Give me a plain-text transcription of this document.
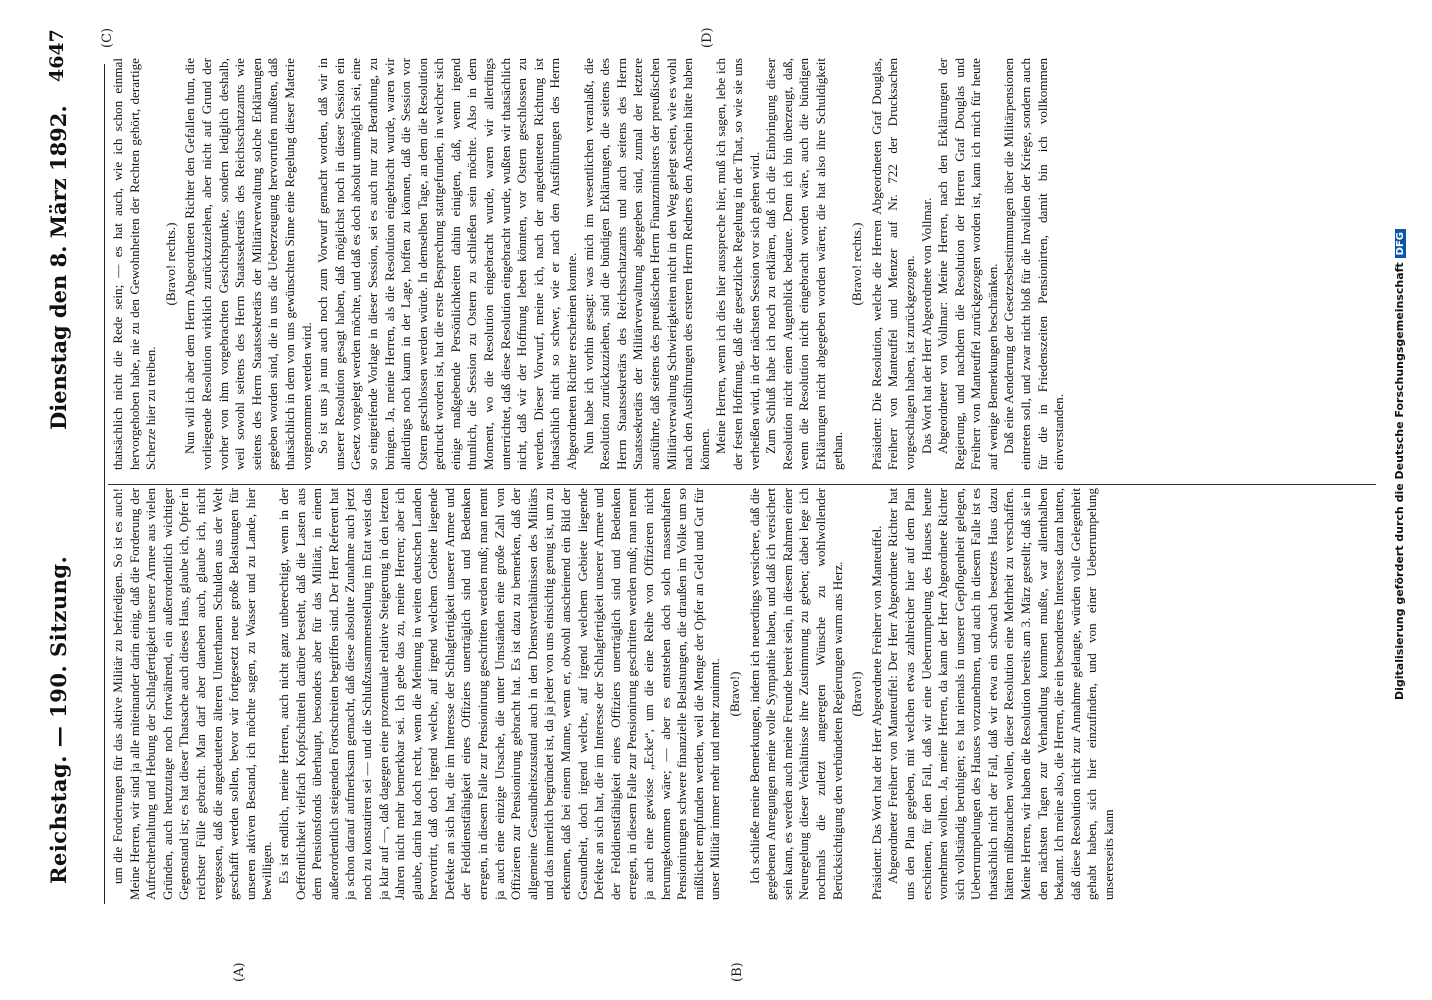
Reichstag. — 190. Sitzung.
Dienstag den 8. März 1892.
4647
(A)	(B)
(C)	(D)

um die Forderungen für das aktive Militär zu befriedigen. So ist es auch! Meine Herren, wir sind ja alle miteinander darin einig, daß die Forderung der Aufrechterhaltung und Hebung der Schlagfertigkeit unserer Armee aus vielen Gründen, auch heutzutage noch fortwährend, ein außerordentlich wichtiger Gegenstand ist; es hat dieser Thatsache auch dieses Haus, glaube ich, Opfer in reichster Fülle gebracht. Man darf aber daneben auch, glaube ich, nicht vergessen, daß die angedeuteten älteren Unterthanen Schulden aus der Welt geschafft werden sollen, bevor wir fortgesetzt neue große Belastungen für unseren aktiven Bestand, ich möchte sagen, zu Wasser und zu Lande, hier bewilligen. Es ist endlich, meine Herren, auch nicht ganz unberechtigt, wenn in der Oeffentlichkeit vielfach Kopfschütteln darüber besteht, daß die Lasten aus dem Pensionsfonds überhaupt, besonders aber für das Militär, in einem außerordentlich steigenden Fortschreiten begriffen sind. Der Herr Referent hat ja schon darauf aufmerksam gemacht, daß diese absolute Zunahme auch jetzt noch zu konstatiren sei — und die Schlußzusammenstellung im Etat weist das ja klar auf —, daß dagegen eine prozentuale relative Steigerung in den letzten Jahren nicht mehr bemerkbar sei. Ich gebe das zu, meine Herren; aber ich glaube, darin hat doch recht, wenn die Meinung in weiten deutschen Landen hervortritt, daß doch irgend welche, auf irgend welchem Gebiete liegende Defekte an sich hat, die im Interesse der Schlagfertigkeit unserer Armee und der Felddienstfähigkeit eines Offiziers unerträglich sind und Bedenken erregen, in diesem Falle zur Pensionirung geschritten werden muß; man nennt ja auch eine einzige Ursache, die unter Umständen eine große Zahl von Offizieren zur Pensionirung gebracht hat. Es ist dazu zu bemerken, daß der allgemeine Gesundheitszustand auch in den Dienstverhältnissen des Militärs und das innerlich begründet ist, da ja jeder von uns einsichtig genug ist, um zu erkennen, daß bei einem Manne, wenn er, obwohl anscheinend ein Bild der Gesundheit, doch irgend welche, auf irgend welchem Gebiete liegende Defekte an sich hat, die im Interesse der Schlagfertigkeit unserer Armee und der Felddienstfähigkeit eines Offiziers unerträglich sind und Bedenken erregen, in diesem Falle zur Pensionirung geschritten werden muß; man nennt ja auch eine gewisse „Ecke“, um die eine Reihe von Offizieren nicht herumgekommen wäre; — aber es entstehen doch solch massenhaften Pensionirungen schwere finanzielle Belastungen, die draußen im Volke um so mißlicher empfunden werden, weil die Menge der Opfer an Geld und Gut für unser Militär immer mehr und mehr zunimmt. (Bravo!) Ich schließe meine Bemerkungen, indem ich neuerdings versichere, daß die gegebenen Anregungen meine volle Sympathie haben, und daß ich versichert sein kann, es werden auch meine Freunde bereit sein, in diesem Rahmen einer Neuregelung dieser Verhältnisse ihre Zustimmung zu geben; dabei lege ich nochmals die zuletzt angeregten Wünsche zu wohlwollender Berücksichtigung den verbündeten Regierungen warm ans Herz. (Bravo!) Präsident: Das Wort hat der Herr Abgeordnete Freiherr von Manteuffel. Abgeordneter Freiherr von Manteuffel: Der Herr Abgeordnete Richter hat uns den Plan gegeben, mit welchen etwas zahlreicher hier auf dem Plan erschienen, für den Fall, daß wir eine Ueberrumpelung des Hauses heute vornehmen wollten. Ja, meine Herren, da kann der Herr Abgeordnete Richter sich vollständig beruhigen; es hat niemals in unserer Gepflogenheit gelegen, Ueberrumpelungen des Hauses vorzunehmen, und auch in diesem Falle ist es thatsächlich nicht der Fall, daß wir etwa ein schwach besetztes Haus dazu hätten mißbrauchen wollen, dieser Resolution eine Mehrheit zu verschaffen. Meine Herren, wir haben die Resolution bereits am 3. März gestellt; daß sie in den nächsten Tagen zur Verhandlung kommen mußte, war allenthalben bekannt. Ich meine also, die Herren, die ein besonderes Interesse daran hatten, daß diese Resolution nicht zur Annahme gelangte, würden volle Gelegenheit gehabt haben, sich hier einzufinden, und von einer Ueberrumpelung unsererseits kann

thatsächlich nicht die Rede sein; — es hat auch, wie ich schon einmal hervorgehoben habe, nie zu den Gewohnheiten der Rechten gehört, derartige Scherze hier zu treiben.

(Bravo! rechts.) Nun will ich aber dem Herrn Abgeordneten Richter den Gefallen thun, die vorliegende Resolution wirklich zurückzuziehen, aber nicht auf Grund der vorher von ihm vorgebrachten Gesichtspunkte, sondern lediglich deshalb, weil sowohl seitens des Herrn Staatssekretärs des Reichsschatzamts wie seitens des Herrn Staatssekretärs der Militärverwaltung solche Erklärungen gegeben worden sind, die in uns die Ueberzeugung hervorrufen mußten, daß thatsächlich in dem von uns gewünschten Sinne eine Regelung dieser Materie vorgenommen werden wird. So ist uns ja nun auch noch zum Vorwurf gemacht worden, daß wir in unserer Resolution gesagt haben, daß möglichst noch in dieser Session ein Gesetz vorgelegt werden möchte, und daß es doch absolut unmöglich sei, eine so eingreifende Vorlage in dieser Session, sei es auch nur zur Berathung, zu bringen. Ja, meine Herren, als die Resolution eingebracht wurde, waren wir allerdings noch kaum in der Lage, hoffen zu können, daß die Session vor Ostern geschlossen werden würde. In demselben Tage, an dem die Resolution gedruckt worden ist, hat die erste Besprechung stattgefunden, in welcher sich einige maßgebende Persönlichkeiten dahin einigten, daß, wenn irgend thunlich, die Session zu Ostern zu schließen sein möchte. Also in dem Moment, wo die Resolution eingebracht wurde, waren wir allerdings unterrichtet, daß diese Resolution eingebracht wurde, wußten wir thatsächlich nicht, daß wir der Hoffnung leben könnten, vor Ostern geschlossen zu werden. Dieser Vorwurf, meine ich, nach der angedeuteten Richtung ist thatsächlich nicht so schwer, wie er nach den Ausführungen des Herrn Abgeordneten Richter erscheinen konnte. Nun habe ich vorhin gesagt: was mich im wesentlichen veranlaßt, die Resolution zurückzuziehen, sind die bündigen Erklärungen, die seitens des Herrn Staatssekretärs des Reichsschatzamts und auch seitens des Herrn Staatssekretärs der Militärverwaltung abgegeben sind, zumal der letztere ausführte, daß seitens des preußischen Herrn Finanzministers der preußischen Militärverwaltung Schwierigkeiten nicht in den Weg gelegt seien, wie es wohl nach den Ausführungen des ersteren Herrn Redners den Anschein hätte haben können. Meine Herren, wenn ich dies hier ausspreche hier, muß ich sagen, lebe ich der festen Hoffnung, daß die gesetzliche Regelung in der That, so wie sie uns verheißen wird, in der nächsten Session vor sich gehen wird. Zum Schluß habe ich noch zu erklären, daß ich die Einbringung dieser Resolution nicht einen Augenblick bedaure. Denn ich bin überzeugt, daß, wenn die Resolution nicht eingebracht worden wäre, auch die bündigen Erklärungen nicht abgegeben worden wären; die hat also ihre Schuldigkeit gethan.

(Bravo! rechts.) Präsident: Die Resolution, welche die Herren Abgeordneten Graf Douglas, Freiherr von Manteuffel und Menzer auf Nr. 722 der Drucksachen vorgeschlagen haben, ist zurückgezogen. Das Wort hat der Herr Abgeordnete von Vollmar. Abgeordneter von Vollmar: Meine Herren, nach den Erklärungen der Regierung, und nachdem die Resolution der Herren Graf Douglas und Freiherr von Manteuffel zurückgezogen worden ist, kann ich mich für heute auf wenige Bemerkungen beschränken. Daß eine Aenderung der Gesetzesbestimmungen über die Militärpensionen eintreten soll, und zwar nicht bloß für die Invaliden der Kriege, sondern auch für die in Friedenszeiten Pensionirten, damit bin ich vollkommen einverstanden.	Digitalisierung gefördert durch die Deutsche ForschungsgemeinschaftDFG
